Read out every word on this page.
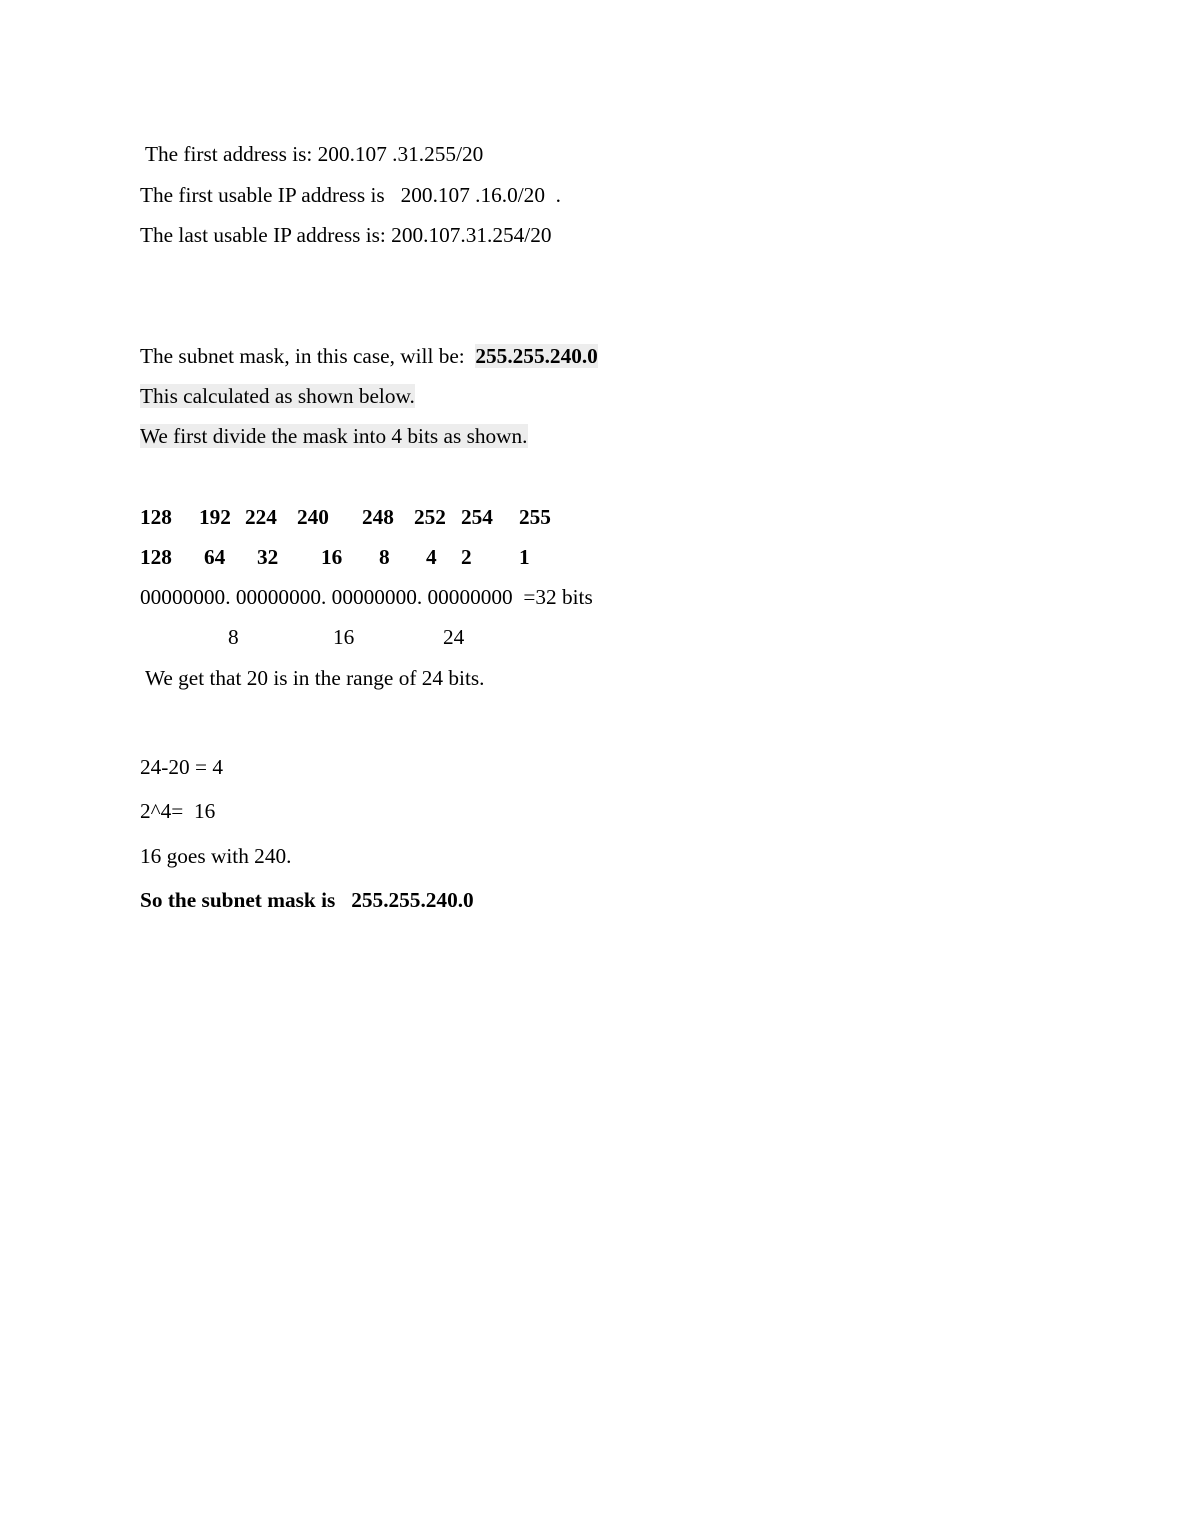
The first address is: 200.107 .31.255/20
The first usable IP address is   200.107 .16.0/20  .
The last usable IP address is: 200.107.31.254/20
The subnet mask, in this case, will be:  255.255.240.0
This calculated as shown below.
We first divide the mask into 4 bits as shown.
128 192 224 240 248 252 254 255
128 64 32 16 8 4 2 1
00000000. 00000000. 00000000. 00000000  =32 bits
8	16	24
We get that 20 is in the range of 24 bits.
24-20 = 4
2^4=  16
16 goes with 240.
So the subnet mask is   255.255.240.0
